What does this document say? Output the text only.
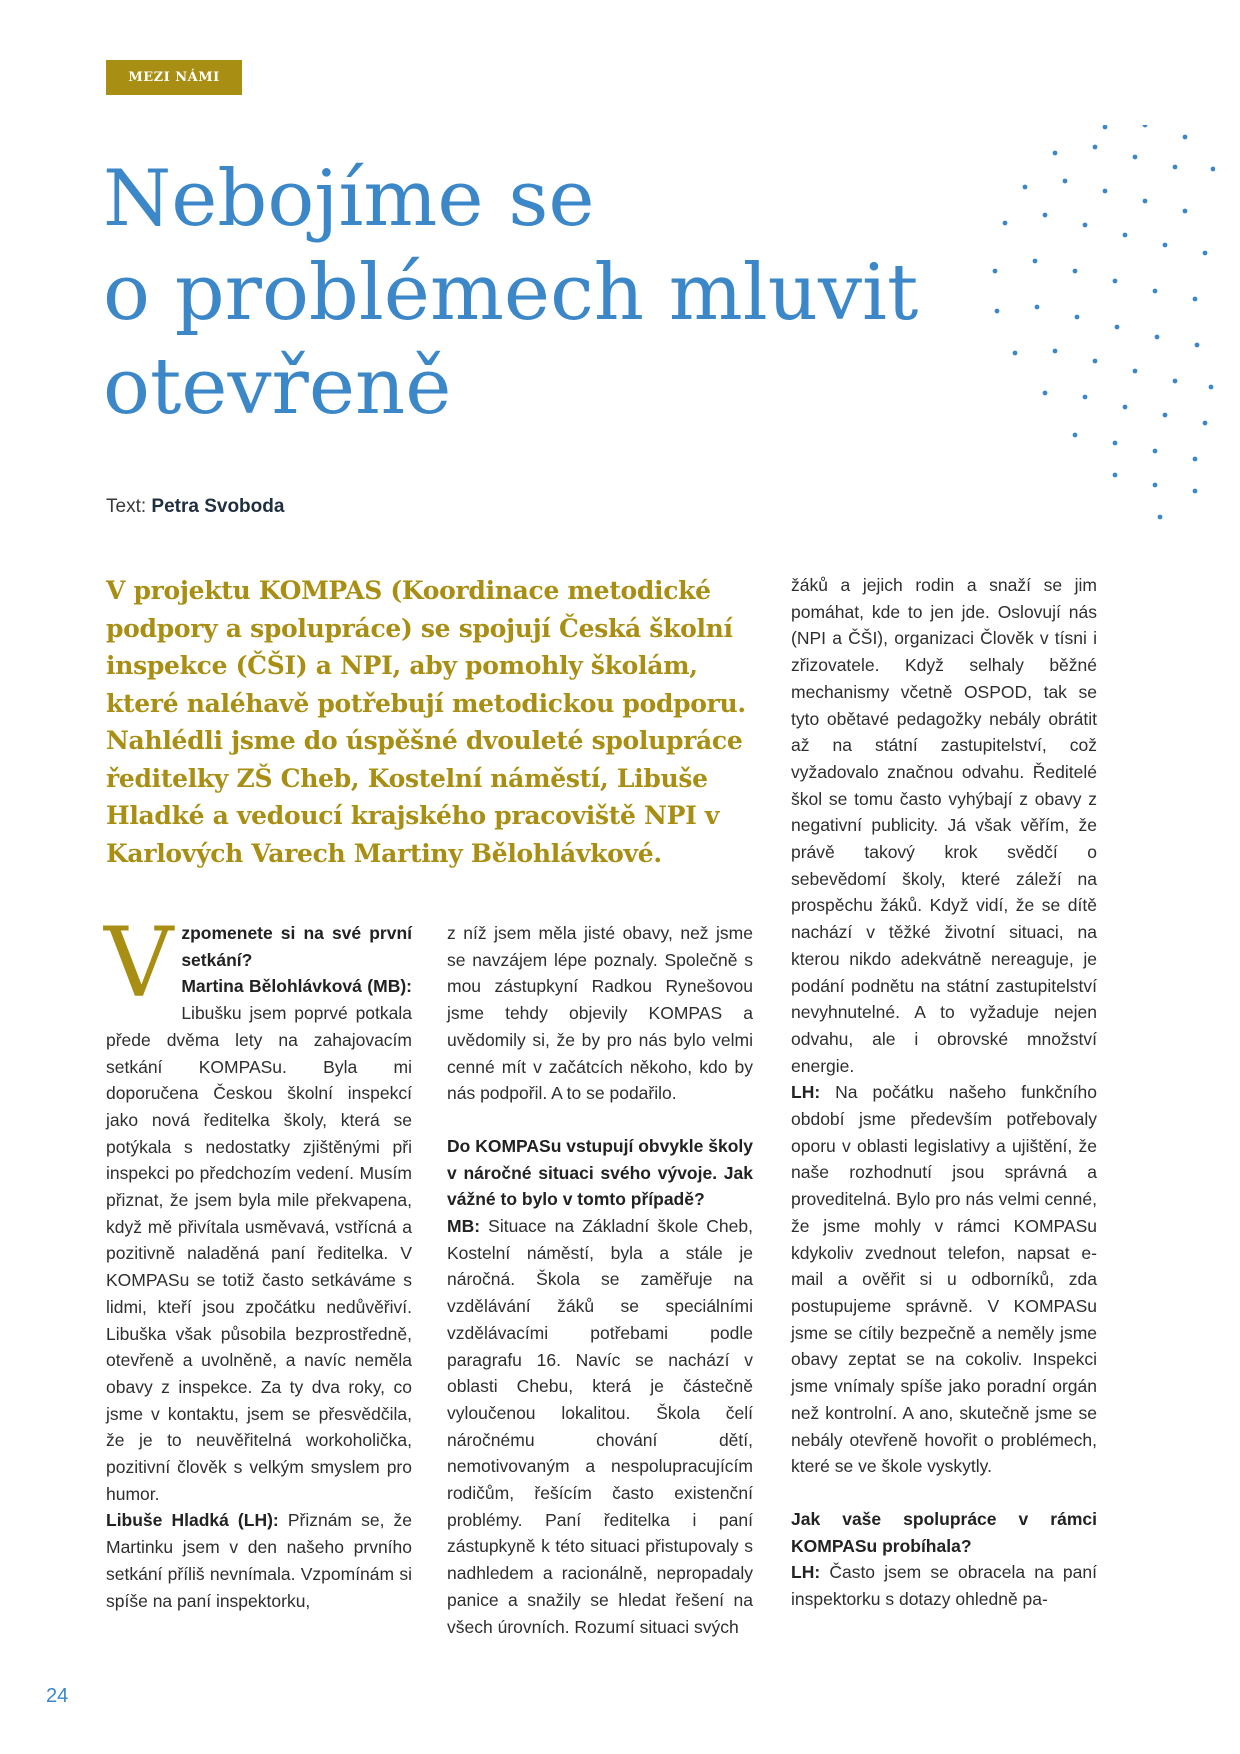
MEZI NÁMI
Nebojíme se
o problémech mluvit
otevřeně
Text: Petra Svoboda
V projektu KOMPAS (Koordinace metodické podpory a spolupráce) se spojují Česká školní inspekce (ČŠI) a NPI, aby pomohly školám, které naléhavě potřebují metodickou podporu. Nahlédli jsme do úspěšné dvouleté spolupráce ředitelky ZŠ Cheb, Kostelní náměstí, Libuše Hladké a vedoucí krajského pracoviště NPI v Karlových Varech Martiny Bělohlávkové.

Vzpomenete si na své první setkání?
Martina Bělohlávková (MB): Libušku jsem poprvé potkala přede dvěma lety na zahajovacím setkání KOMPASu. Byla mi doporučena Českou školní inspekcí jako nová ředitelka školy, která se potýkala s nedostatky zjištěnými při inspekci po předchozím vedení. Musím přiznat, že jsem byla mile překvapena, když mě přivítala usměvavá, vstřícná a pozitivně naladěná paní ředitelka. V KOMPASu se totiž často setkáváme s lidmi, kteří jsou zpočátku nedůvěřiví. Libuška však působila bezprostředně, otevřeně a uvolněně, a navíc neměla obavy z inspekce. Za ty dva roky, co jsme v kontaktu, jsem se přesvědčila, že je to neuvěřitelná workoholička, pozitivní člověk s velkým smyslem pro humor.
Libuše Hladká (LH): Přiznám se, že Martinku jsem v den našeho prvního setkání příliš nevnímala. Vzpomínám si spíše na paní inspektorku,

z níž jsem měla jisté obavy, než jsme se navzájem lépe poznaly. Společně s mou zástupkyní Radkou Rynešovou jsme tehdy objevily KOMPAS a uvědomily si, že by pro nás bylo velmi cenné mít v začátcích někoho, kdo by nás podpořil. A to se podařilo.

Do KOMPASu vstupují obvykle školy v náročné situaci svého vývoje. Jak vážné to bylo v tomto případě?

MB: Situace na Základní škole Cheb, Kostelní náměstí, byla a stále je náročná. Škola se zaměřuje na vzdělávání žáků se speciálními vzdělávacími potřebami podle paragrafu 16. Navíc se nachází v oblasti Chebu, která je částečně vyloučenou lokalitou. Škola čelí náročnému chování dětí, nemotivovaným a nespolupracujícím rodičům, řešícím často existenční problémy. Paní ředitelka i paní zástupkyně k této situaci přistupovaly s nadhledem a racionálně, nepropadaly panice a snažily se hledat řešení na všech úrovních. Rozumí situaci svých

žáků a jejich rodin a snaží se jim pomáhat, kde to jen jde. Oslovují nás (NPI a ČŠI), organizaci Člověk v tísni i zřizovatele. Když selhaly běžné mechanismy včetně OSPOD, tak se tyto obětavé pedagožky nebály obrátit až na státní zastupitelství, což vyžadovalo značnou odvahu. Ředitelé škol se tomu často vyhýbají z obavy z negativní publicity. Já však věřím, že právě takový krok svědčí o sebevědomí školy, které záleží na prospěchu žáků. Když vidí, že se dítě nachází v těžké životní situaci, na kterou nikdo adekvátně nereaguje, je podání podnětu na státní zastupitelství nevyhnutelné. A to vyžaduje nejen odvahu, ale i obrovské množství energie.

LH: Na počátku našeho funkčního období jsme především potřebovaly oporu v oblasti legislativy a ujištění, že naše rozhodnutí jsou správná a proveditelná. Bylo pro nás velmi cenné, že jsme mohly v rámci KOMPASu kdykoliv zvednout telefon, napsat e-mail a ověřit si u odborníků, zda postupujeme správně. V KOMPASu jsme se cítily bezpečně a neměly jsme obavy zeptat se na cokoliv. Inspekci jsme vnímaly spíše jako poradní orgán než kontrolní. A ano, skutečně jsme se nebály otevřeně hovořit o problémech, které se ve škole vyskytly.

Jak vaše spolupráce v rámci KOMPASu probíhala?

LH: Často jsem se obracela na paní inspektorku s dotazy ohledně pa-

24
